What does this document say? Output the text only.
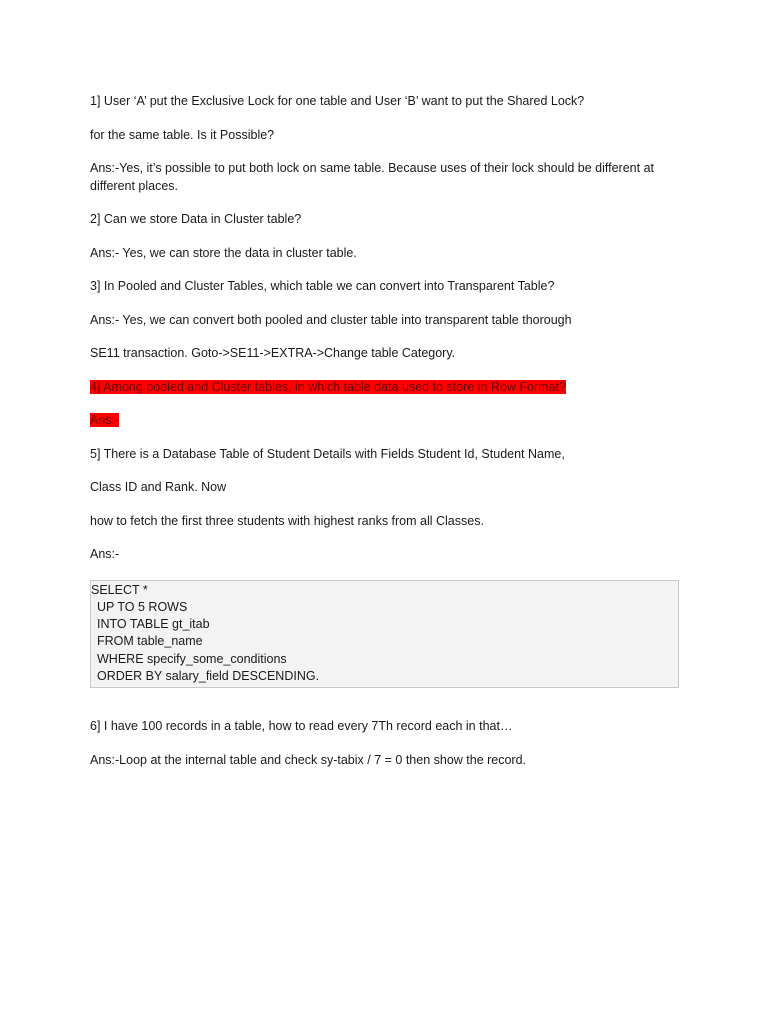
1] User ‘A’ put the Exclusive Lock for one table and User ‘B’ want to put the Shared Lock?

for the same table. Is it Possible?

Ans:-Yes, it’s possible to put both lock on same table. Because uses of their lock should be different at different places.

2] Can we store Data in Cluster table?

Ans:- Yes, we can store the data in cluster table.

3] In Pooled and Cluster Tables, which table we can convert into Transparent Table?

Ans:- Yes, we can convert both pooled and cluster table into transparent table thorough

SE11 transaction. Goto->SE11->EXTRA->Change table Category.

4] Among pooled and Cluster tables, in which table data used to store in Row Format?

Ans:-

5] There is a Database Table of Student Details with Fields Student Id, Student Name,

Class ID and Rank. Now

how to fetch the first three students with highest ranks from all Classes.

Ans:-

SELECT *
UP TO 5 ROWS
INTO TABLE gt_itab
FROM table_name
WHERE specify_some_conditions
ORDER BY salary_field DESCENDING.

6] I have 100 records in a table, how to read every 7Th record each in that…

Ans:-Loop at the internal table and check sy-tabix / 7 = 0 then show the record.
